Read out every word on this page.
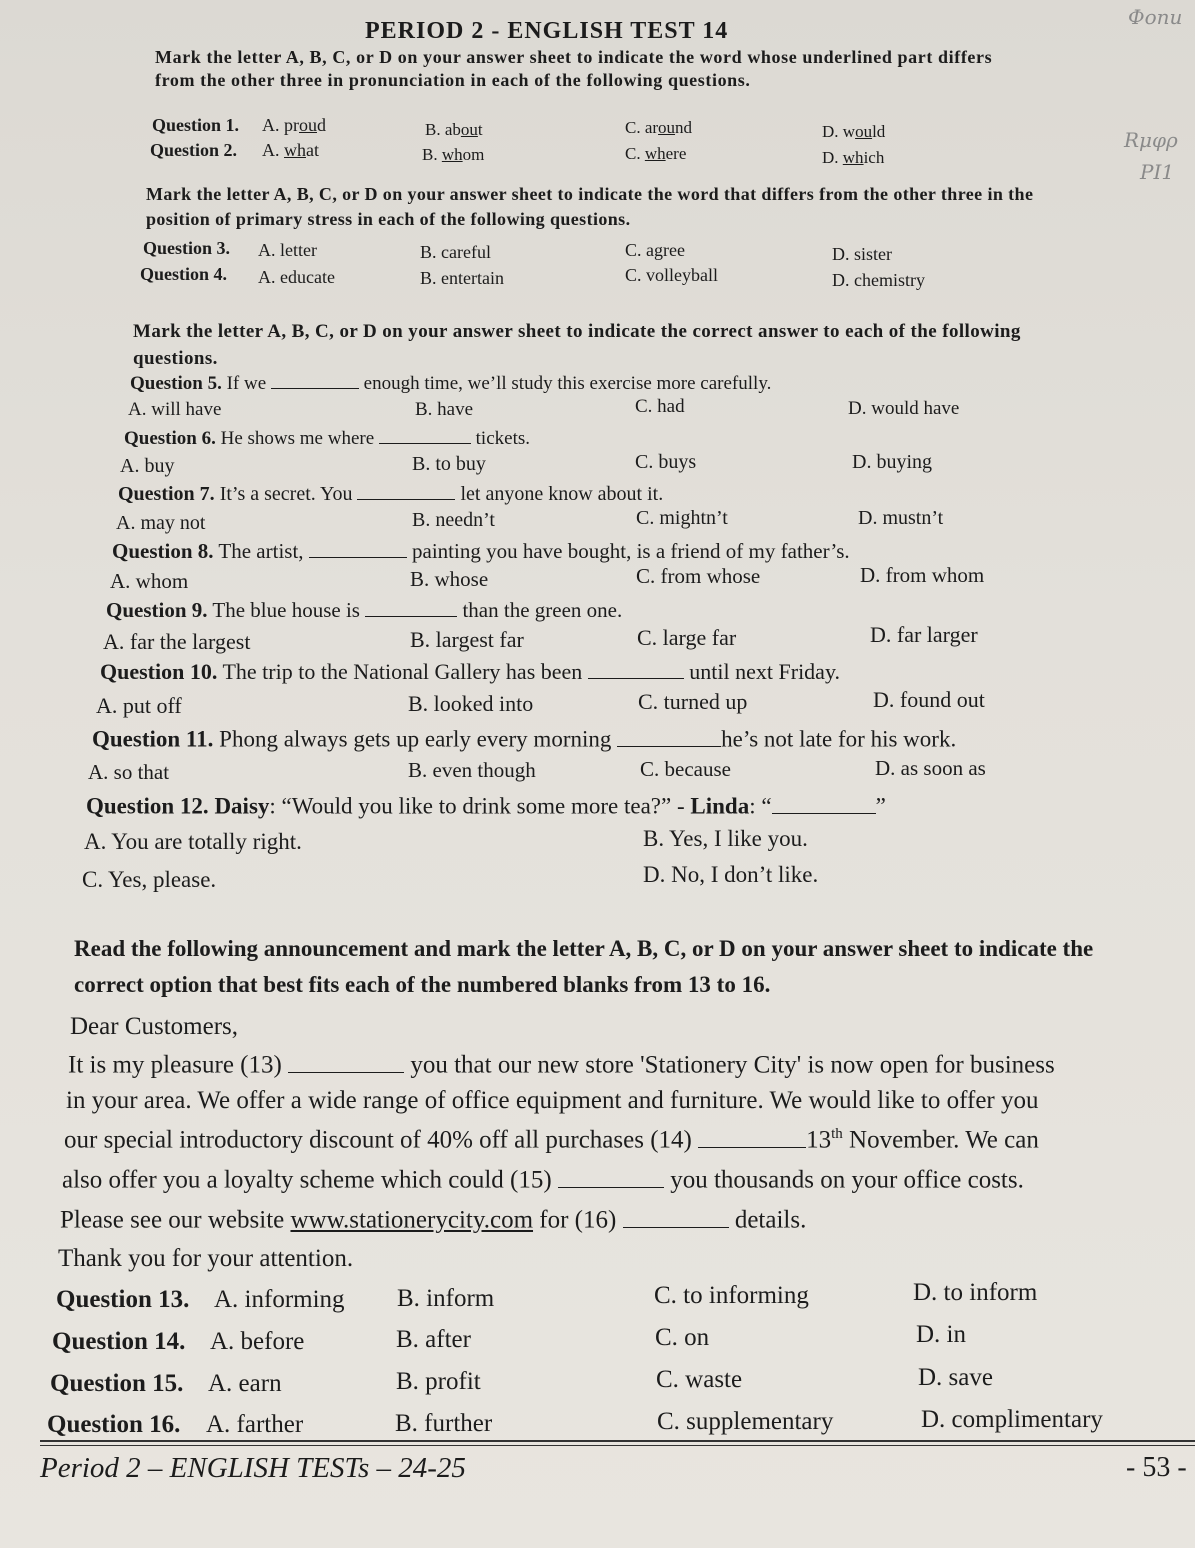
PERIOD 2 - ENGLISH TEST 14
Фоnu
Rμφρ
PI1
Mark the letter A, B, C, or D on your answer sheet to indicate the word whose underlined part differs from the other three in pronunciation in each of the following questions.
Question 1. A. proud	B. about	C. around	D. would
Question 2. A. what	B. whom	C. where	D. which
Mark the letter A, B, C, or D on your answer sheet to indicate the word that differs from the other three in the position of primary stress in each of the following questions.
Question 3. A. letter	B. careful	C. agree	D. sister
Question 4. A. educate	B. entertain	C. volleyball	D. chemistry
Mark the letter A, B, C, or D on your answer sheet to indicate the correct answer to each of the following questions.
Question 5. If we	enough time, we’ll study this exercise more carefully.
A. will have	B. have	C. had	D. would have
Question 6. He shows me where	tickets.
A. buy	B. to buy	C. buys	D. buying
Question 7. It’s a secret. You	let anyone know about it.
A. may not	B. needn’t	C. mightn’t	D. mustn’t
Question 8. The artist,	painting you have bought, is a friend of my father’s.
A. whom	B. whose	C. from whose	D. from whom
Question 9. The blue house is	than the green one.
A. far the largest	B. largest far	C. large far	D. far larger
Question 10. The trip to the National Gallery has been	until next Friday.
A. put off	B. looked into	C. turned up	D. found out
Question 11. Phong always gets up early every morning	he’s not late for his work.
A. so that	B. even though	C. because	D. as soon as
Question 12. Daisy: “Would you like to drink some more tea?” - Linda: “	”
A. You are totally right.	B. Yes, I like you.
C. Yes, please.	D. No, I don’t like.
Read the following announcement and mark the letter A, B, C, or D on your answer sheet to indicate the correct option that best fits each of the numbered blanks from 13 to 16.
Dear Customers,
It is my pleasure (13)	you that our new store 'Stationery City' is now open for business
in your area. We offer a wide range of office equipment and furniture. We would like to offer you
our special introductory discount of 40% off all purchases (14)	13th November. We can
also offer you a loyalty scheme which could (15)	you thousands on your office costs.
Please see our website www.stationerycity.com for (16)	details.
Thank you for your attention.
Question 13. A. informing B. inform	C. to informing	D. to inform
Question 14. A. before	B. after	C. on	D. in
Question 15. A. earn	B. profit	C. waste	D. save
Question 16. A. farther	B. further	C. supplementary	D. complimentary
Period 2 – ENGLISH TESTs – 24-25	- 53 -
